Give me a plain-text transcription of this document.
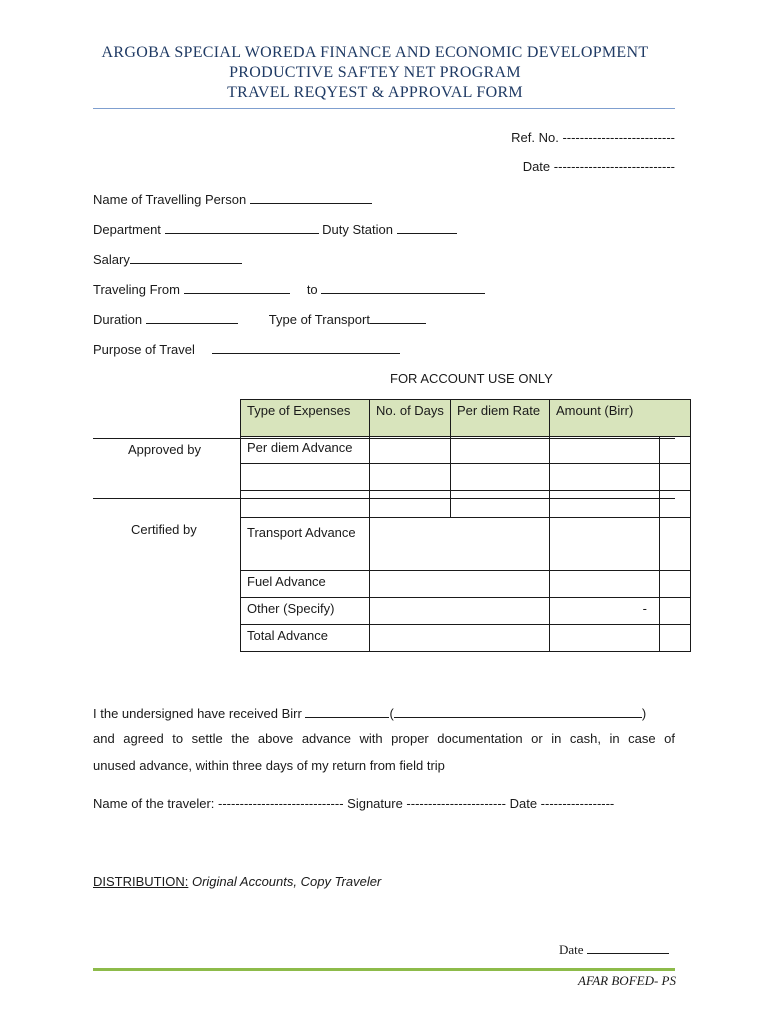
ARGOBA SPECIAL WOREDA FINANCE AND ECONOMIC DEVELOPMENT
PRODUCTIVE SAFTEY NET PROGRAM
TRAVEL REQYEST & APPROVAL FORM
Ref. No. --------------------------
Date ----------------------------
Name of Travelling Person
Department	Duty Station
Salary
Traveling From	to
Duration	Type of Transport
Purpose of Travel
FOR ACCOUNT USE ONLY
Approved by
Certified by
Type of Expenses	No. of Days	Per diem Rate	Amount (Birr)	
Per diem Advance				

Transport Advance				
Fuel Advance				
Other (Specify)			-	
Total Advance				
I the undersigned have received Birr	(	)
and agreed to settle the above advance with proper documentation or in cash, in case of
unused advance, within three days of my return from field trip
Name of the traveler: ----------------------------- Signature ----------------------- Date -----------------
DISTRIBUTION: Original Accounts, Copy Traveler
Date
AFAR BOFED- PS
